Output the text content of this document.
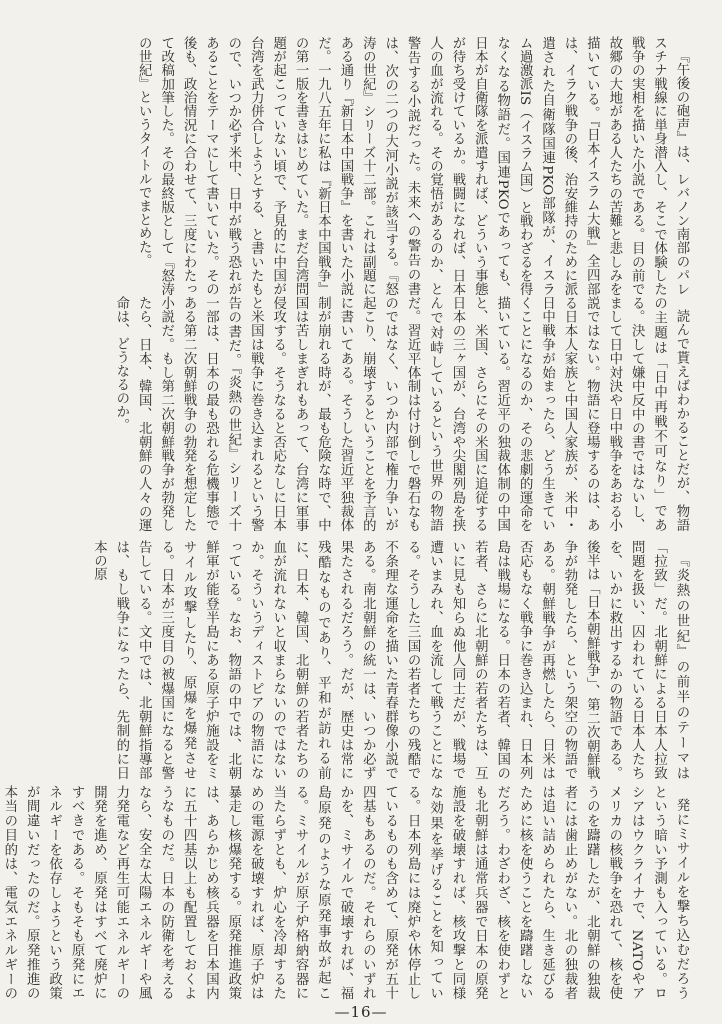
『午後の砲声』は、レバノン南部のパレスチナ戦線に単身潜入し、そこで体験した戦争の実相を描いた小説である。目の前で故郷の大地がある人たちの苦難と悲しみを描いている。『日本イスラム大戦』全四部は、イラク戦争の後、治安維持のために派遣された自衛隊国連PKO部隊が、イスラム過激派IS（イスラム国）と戦わざるを得なくなる物語だ。国連PKOであっても、日本が自衛隊を派遣すれば、どういう事態が待ち受けているか。戦闘になれば、日本人の血が流れる。その覚悟があるのか、と警告する小説だった。未来への警告の書は、次の二つの大河小説が該当する。『怒涛の世紀』シリーズ十二部。これは副題にある通り『新日本中国戦争』を書いた小説だ。一九八五年に私は『新日本中国戦争』の第一版を書きはじめていた。まだ台湾問題が起こっていない頃で、予見的に中国が台湾を武力併合しようとする、と書いたもので、いつか必ず米中、日中が戦う恐れがあることをテーマにして書いていた。その後も、政治情況に合わせて、三度にわたって改稿加筆した。その最終版として『怒涛の世紀』というタイトルでまとめた。

読んで貰えばわかることだが、物語の主題は「日中再戦不可なり」である。決して嫌中反中の書ではないし、まして日中対決や日中戦争をあおる小説ではない。物語に登場するのは、ある日本人家族と中国人家族が、米中・日中戦争が始まったら、どう生きていくことになるのか、その悲劇的運命を描いている。習近平の独裁体制の中国と、米国、さらにその米国に追従する日本の三ヶ国が、台湾や尖閣列島を挟んで対峙しているという世界の物語だ。習近平体制は付け倒しで磐石なものではなく、いつか内部で権力争いが起こり、崩壊するということを予言的に書いてある。そうした習近平独裁体制が崩れる時が、最も危険な時で、中国は苦しまぎれもあって、台湾に軍事侵攻する。そうなると否応なしに日本と米国は戦争に巻き込まれるという警告の書だ。『炎熱の世紀』シリーズ十一部は、日本の最も恐れる危機事態である第二次朝鮮戦争の勃発を想定した小説だ。もし第二次朝鮮戦争が勃発したら、日本、韓国、北朝鮮の人々の運命は、どうなるのか。

『炎熱の世紀』の前半のテーマは「拉致」だ。北朝鮮による日本人拉致問題を扱い、囚われている日本人たちを、いかに救出するかの物語である。後半は「日本朝鮮戦争」、第二次朝鮮戦争が勃発したら、という架空の物語である。朝鮮戦争が再燃したら、日米は否応もなく戦争に巻き込まれ、日本列島は戦場になる。日本の若者、韓国の若者、さらに北朝鮮の若者たちは、互いに見も知らぬ他人同士だが、戦場で遭いまみれ、血を流して戦うことになる。そうした三国の若者たちの残酷で不条理な運命を描いた青春群像小説である。南北朝鮮の統一は、いつか必ず果たされるだろう。だが、歴史は常に残酷なものであり、平和が訪れる前に、日本、韓国、北朝鮮の若者たちの血が流れないと収まらないのではないか。そういうディストピアの物語になっている。なお、物語の中では、北朝鮮軍が能登半島にある原子炉施設をミサイル攻撃したり、原爆を爆発させる。日本が三度目の被爆国になると警告している。文中では、北朝鮮指導部は、もし戦争になったら、先制的に日本の原

発にミサイルを撃ち込むだろうという暗い予測も入っている。ロシアはウクライナで、NATOやアメリカの核戦争を恐れて、核を使うのを躊躇したが、北朝鮮の独裁者には歯止めがない。北の独裁者は追い詰められたら、生き延びるために核を使うことを躊躇しないだろう。わざわざ、核を使わずとも北朝鮮は通常兵器で日本の原発施設を破壊すれば、核攻撃と同様な効果を挙げることを知っている。日本列島には廃炉や休停止しているものも含めて、原発が五十四基もあるのだ。それらのいずれかを、ミサイルで破壊すれば、福島原発のような原発事故が起こる。ミサイルが原子炉格納容器に当たらずとも、炉心を冷却するための電源を破壊すれば、原子炉は暴走し核爆発する。原発推進政策は、あらかじめ核兵器を日本国内に五十四基以上も配置しておくようなものだ。日本の防衛を考えるなら、安全な太陽エネルギーや風力発電など再生可能エネルギーの開発を進め、原発はすべて廃炉にすべきである。そもそも原発にエネルギーを依存しようという政策が間違いだったのだ。原発推進の本当の目的は、電気エネルギーの

—16—
